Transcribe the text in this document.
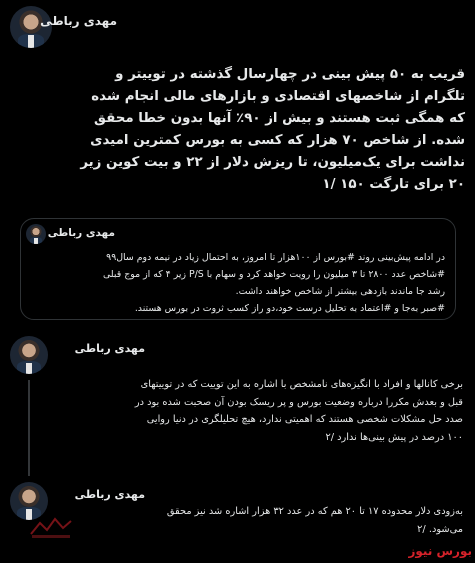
مهدی رباطی
قریب به ۵۰ پیش بینی در چهارسال گذشته در توییتر و
تلگرام از شاخصهای اقتصادی و بازارهای مالی انجام شده
که همگی ثبت هستند و بیش از ۹۰٪ آنها بدون خطا محقق
شده. از شاخص ۷۰ هزار که کسی به بورس کمترین امیدی
نداشت برای یک‌میلیون، تا ریزش دلار از ۲۲ و بیت کوین زیر
۲۰ برای تارگت ۱۵۰ /۱
مهدی رباطی
در ادامه پیش‌بینی روند #بورس از ۱۰۰هزار تا امروز، به احتمال زیاد در نیمه دوم سال۹۹
#شاخص عدد ۲۸۰۰ تا ۳ میلیون را رویت خواهد کرد و سهام با P/S زیر ۴ که از موج قبلی
رشد جا ماندند بازدهی بیشتر از شاخص خواهند داشت.
#صبر به‌جا و #اعتماد به تحلیل درست خود،دو راز کسب ثروت در بورس هستند.
مهدی رباطی
برخی کانالها و افراد با انگیزه‌های نامشخص با اشاره به این توییت که در توییتهای
قبل و بعدش مکررا درباره وضعیت بورس و پر ریسک بودن آن صحبت شده بود در
صدد حل مشکلات شخصی هستند که اهمیتی ندارد، هیچ تحلیلگری در دنیا روایی
۱۰۰ درصد در پیش بینی‌ها ندارد /۲
مهدی رباطی
به‌زودی دلار محدوده ۱۷ تا ۲۰ هم که در عدد ۳۲ هزار اشاره شد نیز محقق
می‌شود. /۲
بورس نیوز
